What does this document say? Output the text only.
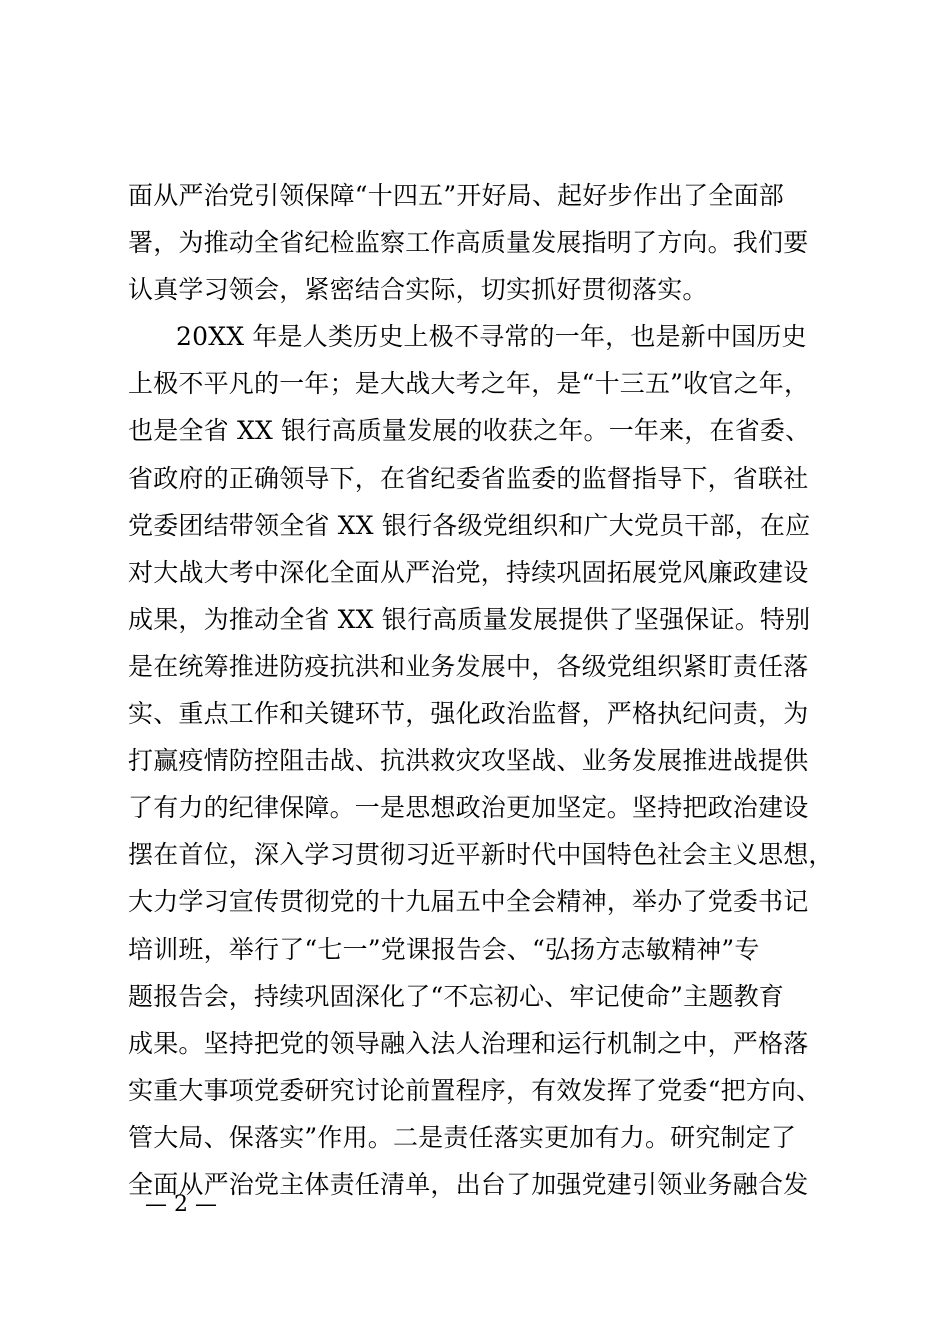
面从严治党引领保障“十四五”开好局、起好步作出了全面部
署，为推动全省纪检监察工作高质量发展指明了方向。我们要
认真学习领会，紧密结合实际，切实抓好贯彻落实。
20XX 年是人类历史上极不寻常的一年，也是新中国历史
上极不平凡的一年；是大战大考之年，是“十三五”收官之年，
也是全省 XX 银行高质量发展的收获之年。一年来，在省委、
省政府的正确领导下，在省纪委省监委的监督指导下，省联社
党委团结带领全省 XX 银行各级党组织和广大党员干部，在应
对大战大考中深化全面从严治党，持续巩固拓展党风廉政建设
成果，为推动全省 XX 银行高质量发展提供了坚强保证。特别
是在统筹推进防疫抗洪和业务发展中，各级党组织紧盯责任落
实、重点工作和关键环节，强化政治监督，严格执纪问责，为
打赢疫情防控阻击战、抗洪救灾攻坚战、业务发展推进战提供
了有力的纪律保障。一是思想政治更加坚定。坚持把政治建设
摆在首位，深入学习贯彻习近平新时代中国特色社会主义思想，
大力学习宣传贯彻党的十九届五中全会精神，举办了党委书记
培训班，举行了“七一”党课报告会、“弘扬方志敏精神”专
题报告会，持续巩固深化了“不忘初心、牢记使命”主题教育
成果。坚持把党的领导融入法人治理和运行机制之中，严格落
实重大事项党委研究讨论前置程序，有效发挥了党委“把方向、
管大局、保落实”作用。二是责任落实更加有力。研究制定了
全面从严治党主体责任清单，出台了加强党建引领业务融合发
— 2 —
